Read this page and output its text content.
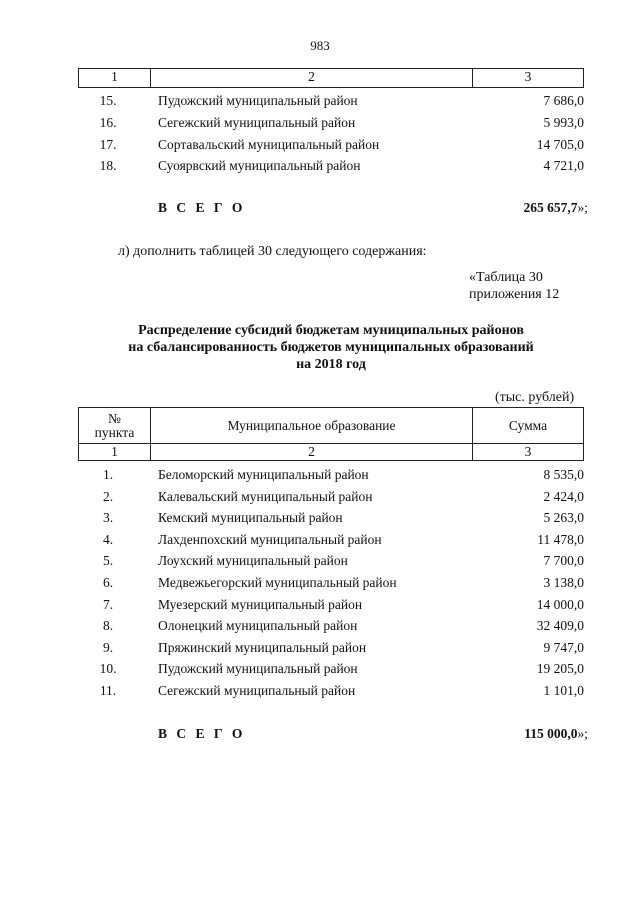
983
1	2	3
15.	Пудожский муниципальный район	7 686,0
16.	Сегежский муниципальный район	5 993,0
17.	Сортавальский муниципальный район	14 705,0
18.	Суоярвский муниципальный район	4 721,0
В С Е Г О	265 657,7»;
л) дополнить таблицей 30 следующего содержания:
«Таблица 30
приложения 12
Распределение субсидий бюджетам муниципальных районов
на сбалансированность бюджетов муниципальных образований
на 2018 год
(тыс. рублей)
№
пункта	Муниципальное образование	Сумма
1	2	3
1.	Беломорский муниципальный район	8 535,0
2.	Калевальский муниципальный район	2 424,0
3.	Кемский муниципальный район	5 263,0
4.	Лахденпохский муниципальный район	11 478,0
5.	Лоухский муниципальный район	7 700,0
6.	Медвежьегорский муниципальный район	3 138,0
7.	Муезерский муниципальный район	14 000,0
8.	Олонецкий муниципальный район	32 409,0
9.	Пряжинский муниципальный район	9 747,0
10.	Пудожский муниципальный район	19 205,0
11.	Сегежский муниципальный район	1 101,0
В С Е Г О	115 000,0»;
